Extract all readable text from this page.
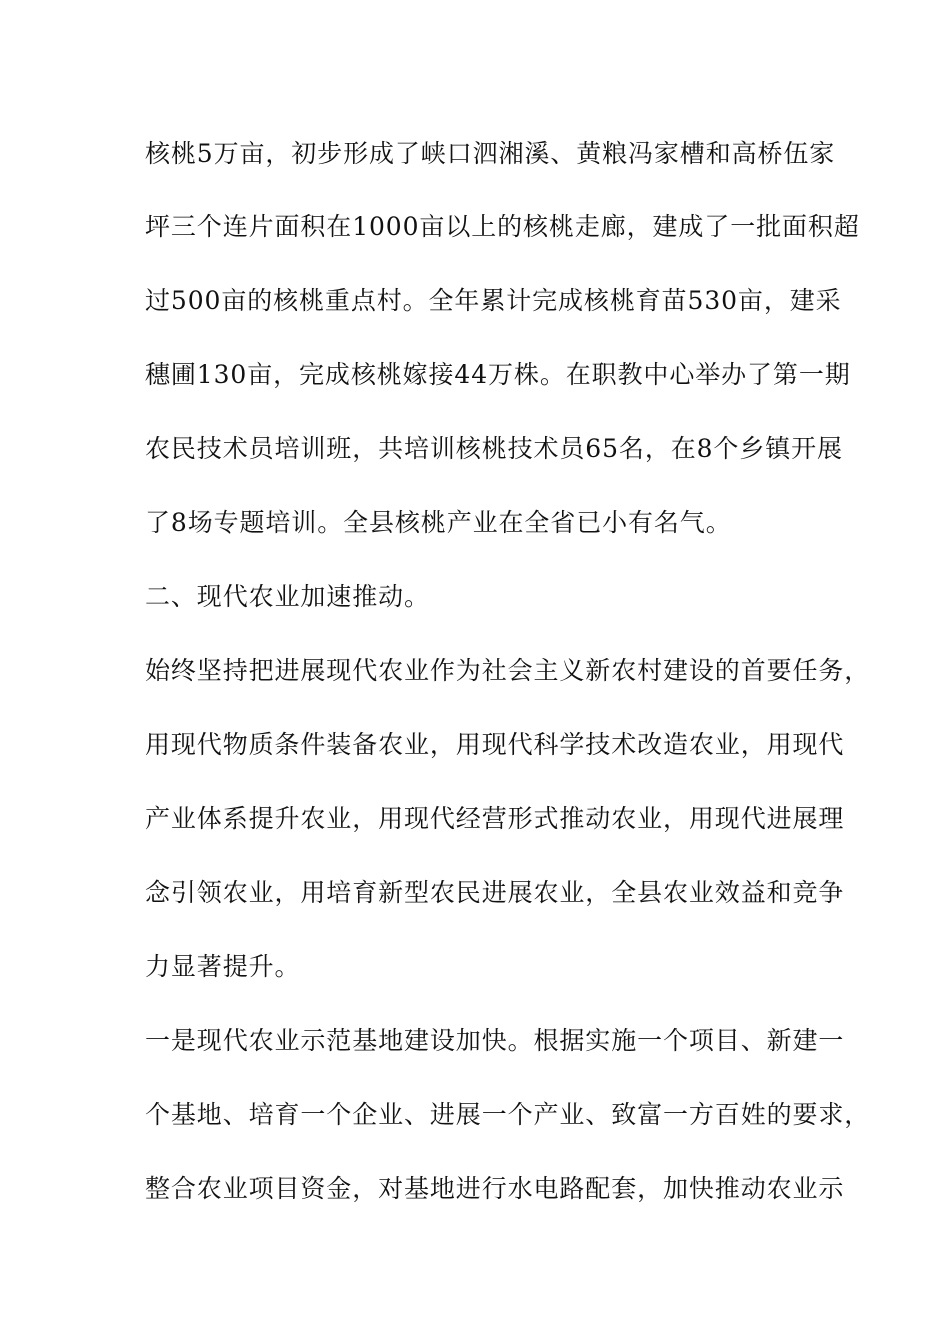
核桃5万亩，初步形成了峡口泗湘溪、黄粮冯家槽和高桥伍家
坪三个连片面积在1000亩以上的核桃走廊，建成了一批面积超
过500亩的核桃重点村。全年累计完成核桃育苗530亩，建采
穗圃130亩，完成核桃嫁接44万株。在职教中心举办了第一期
农民技术员培训班，共培训核桃技术员65名，在8个乡镇开展
了8场专题培训。全县核桃产业在全省已小有名气。
二、现代农业加速推动。
始终坚持把进展现代农业作为社会主义新农村建设的首要任务，
用现代物质条件装备农业，用现代科学技术改造农业，用现代
产业体系提升农业，用现代经营形式推动农业，用现代进展理
念引领农业，用培育新型农民进展农业，全县农业效益和竞争
力显著提升。
一是现代农业示范基地建设加快。根据实施一个项目、新建一
个基地、培育一个企业、进展一个产业、致富一方百姓的要求，
整合农业项目资金，对基地进行水电路配套，加快推动农业示
